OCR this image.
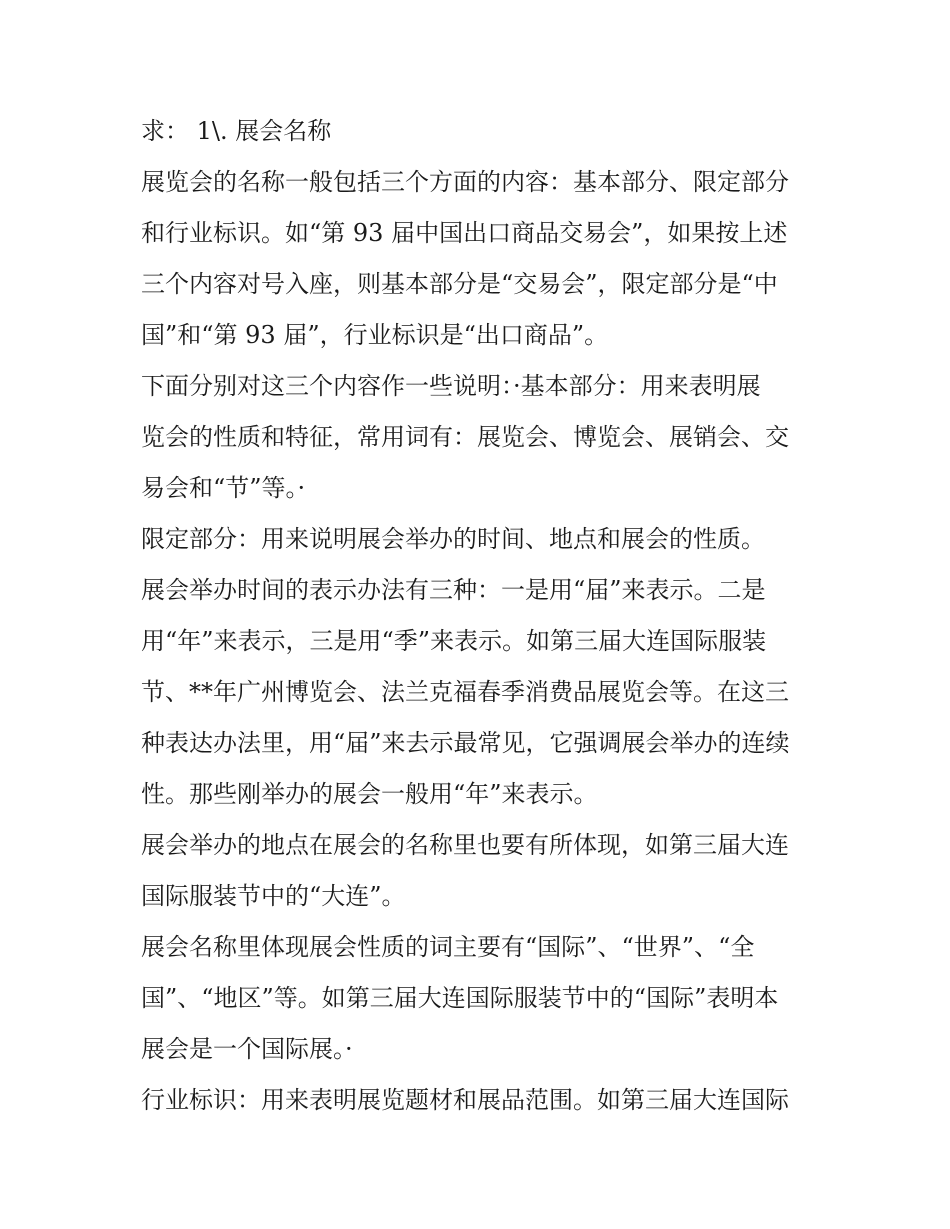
求： 1\. 展会名称
展览会的名称一般包括三个方面的内容：基本部分、限定部分
和行业标识。如“第 93 届中国出口商品交易会”，如果按上述
三个内容对号入座，则基本部分是“交易会”，限定部分是“中
国”和“第 93 届”，行业标识是“出口商品”。
下面分别对这三个内容作一些说明：·基本部分：用来表明展
览会的性质和特征，常用词有：展览会、博览会、展销会、交
易会和“节”等。·
限定部分：用来说明展会举办的时间、地点和展会的性质。
展会举办时间的表示办法有三种：一是用“届”来表示。二是
用“年”来表示，三是用“季”来表示。如第三届大连国际服装
节、**年广州博览会、法兰克福春季消费品展览会等。在这三
种表达办法里，用“届”来去示最常见，它强调展会举办的连续
性。那些刚举办的展会一般用“年”来表示。
展会举办的地点在展会的名称里也要有所体现，如第三届大连
国际服装节中的“大连”。
展会名称里体现展会性质的词主要有“国际”、“世界”、“全
国”、“地区”等。如第三届大连国际服装节中的“国际”表明本
展会是一个国际展。·
行业标识：用来表明展览题材和展品范围。如第三届大连国际
